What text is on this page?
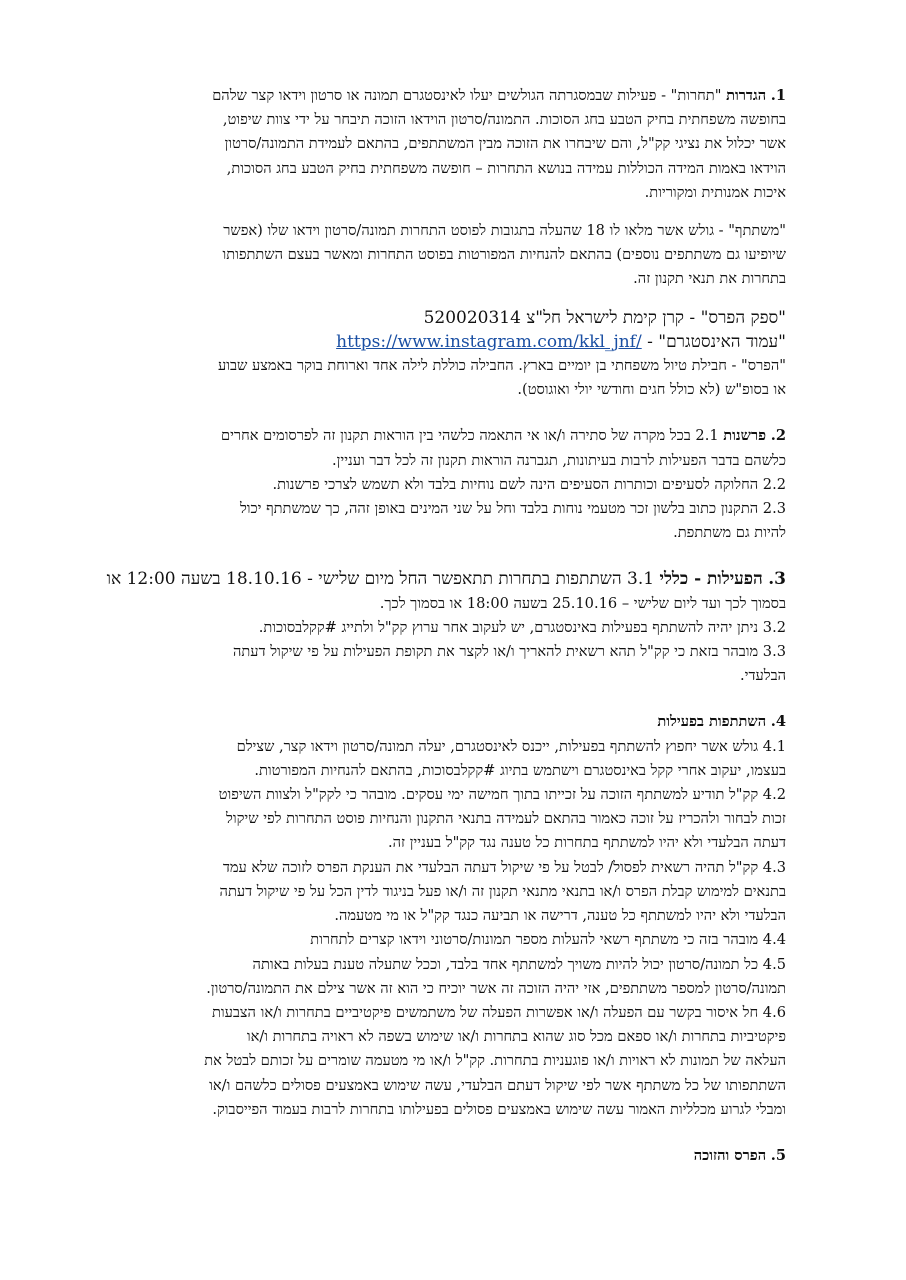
1. הגדרות "תחרות" - פעילות שבמסגרתה הגולשים יעלו לאינסטגרם תמונה או סרטון וידאו קצר שלהם
בחופשה משפחתית בחיק הטבע בחג הסוכות. התמונה/סרטון הוידאו הזוכה תיבחר על ידי צוות שיפוט,
אשר יכלול את נציגי קק"ל, והם שיבחרו את הזוכה מבין המשתתפים, בהתאם לעמידת התמונה/סרטון
הוידאו באמות המידה הכוללות עמידה בנושא התחרות – חופשה משפחתית בחיק הטבע בחג הסוכות,
איכות אמנותית ומקוריות.
"משתתף" - גולש אשר מלאו לו 18 שהעלה בתגובות לפוסט התחרות תמונה/סרטון וידאו שלו (אפשר
שיופיעו גם משתתפים נוספים) בהתאם להנחיות המפורטות בפוסט התחרות ומאשר בעצם השתתפותו
בתחרות את תנאי תקנון זה.
"ספק הפרס" - קרן קימת לישראל חל"צ 520020314
"עמוד האינסטגרם" - https://www.instagram.com/kkl_jnf/
"הפרס" - חבילת טיול משפחתי בן יומיים בארץ. החבילה כוללת לילה אחד וארוחת בוקר באמצע שבוע
או בסופ"ש (לא כולל חגים וחודשי יולי ואוגוסט).
2. פרשנות 2.1 בכל מקרה של סתירה ו/או אי התאמה כלשהי בין הוראות תקנון זה לפרסומים אחרים
כלשהם בדבר הפעילות לרבות בעיתונות, תגברנה הוראות תקנון זה לכל דבר ועניין.
2.2 החלוקה לסעיפים וכותרות הסעיפים הינה לשם נוחיות בלבד ולא תשמש לצרכי פרשנות.
2.3 התקנון כתוב בלשון זכר מטעמי נוחות בלבד וחל על שני המינים באופן זהה, כך שמשתתף יכול
להיות גם משתתפת.
3. הפעילות - כללי 3.1 השתתפות בתחרות תתאפשר החל מיום שלישי - 18.10.16 בשעה 12:00 או
בסמוך לכך ועד ליום שלישי – 25.10.16 בשעה 18:00 או בסמוך לכך.
3.2 ניתן יהיה להשתתף בפעילות באינסטגרם, יש לעקוב אחר ערוץ קק"ל ולתייג #קקלבסוכות.
3.3 מובהר בזאת כי קק"ל תהא רשאית להאריך ו/או לקצר את תקופת הפעילות על פי שיקול דעתה
הבלעדי.
4. השתתפות בפעילות
4.1 גולש אשר יחפוץ להשתתף בפעילות, ייכנס לאינסטגרם, יעלה תמונה/סרטון וידאו קצר, שצילם
בעצמו, יעקוב אחרי קקל באינסטגרם וישתמש בתיוג #קקלבסוכות, בהתאם להנחיות המפורטות.
4.2 קק"ל תודיע למשתתף הזוכה על זכייתו בתוך חמישה ימי עסקים. מובהר כי לקק"ל ולצוות השיפוט
זכות לבחור ולהכריז על זוכה כאמור בהתאם לעמידה בתנאי התקנון והנחיות פוסט התחרות לפי שיקול
דעתה הבלעדי ולא יהיו למשתתף בתחרות כל טענה נגד קק"ל בעניין זה.
4.3 קק"ל תהיה רשאית לפסול/ לבטל על פי שיקול דעתה הבלעדי את הענקת הפרס לזוכה שלא עמד
בתנאים למימוש קבלת הפרס ו/או בתנאי מתנאי תקנון זה ו/או פעל בניגוד לדין הכל על פי שיקול דעתה
הבלעדי ולא יהיו למשתתף כל טענה, דרישה או תביעה כנגד קק"ל או מי מטעמה.
4.4 מובהר בזה כי משתתף רשאי להעלות מספר תמונות/סרטוני וידאו קצרים לתחרות
4.5 כל תמונה/סרטון יכול להיות משויך למשתתף אחד בלבד, וככל שתעלה טענת בעלות באותה
תמונה/סרטון למספר משתתפים, אזי יהיה הזוכה זה אשר יוכיח כי הוא זה אשר צילם את התמונה/סרטון.
4.6 חל איסור בקשר עם הפעלה ו/או אפשרות הפעלה של משתמשים פיקטיביים בתחרות ו/או הצבעות
פיקטיביות בתחרות ו/או ספאם מכל סוג שהוא בתחרות ו/או שימוש בשפה לא ראויה בתחרות ו/או
העלאה של תמונות לא ראויות ו/או פוגעניות בתחרות. קק"ל ו/או מי מטעמה שומרים על זכותם לבטל את
השתתפותו של כל משתתף אשר לפי שיקול דעתם הבלעדי, עשה שימוש באמצעים פסולים כלשהם ו/או
ומבלי לגרוע מכלליות האמור עשה שימוש באמצעים פסולים בפעילותו בתחרות לרבות בעמוד הפייסבוק.
5. הפרס והזוכה
